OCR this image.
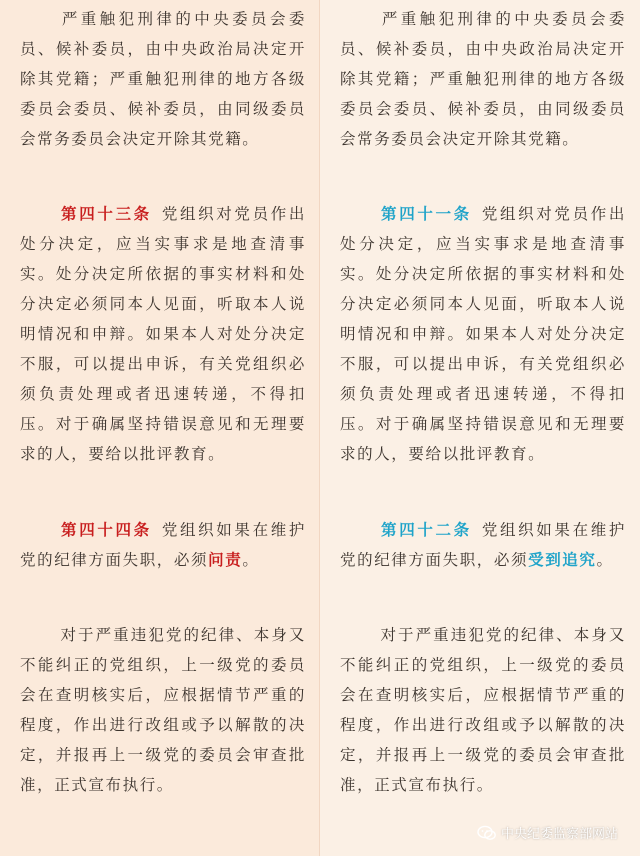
严重触犯刑律的中央委员会委员、候补委员，由中央政治局决定开除其党籍；严重触犯刑律的地方各级委员会委员、候补委员，由同级委员会常务委员会决定开除其党籍。

第四十三条 党组织对党员作出处分决定，应当实事求是地查清事实。处分决定所依据的事实材料和处分决定必须同本人见面，听取本人说明情况和申辩。如果本人对处分决定不服，可以提出申诉，有关党组织必须负责处理或者迅速转递，不得扣压。对于确属坚持错误意见和无理要求的人，要给以批评教育。

第四十四条 党组织如果在维护党的纪律方面失职，必须问责。

对于严重违犯党的纪律、本身又不能纠正的党组织，上一级党的委员会在查明核实后，应根据情节严重的程度，作出进行改组或予以解散的决定，并报再上一级党的委员会审查批准，正式宣布执行。

严重触犯刑律的中央委员会委员、候补委员，由中央政治局决定开除其党籍；严重触犯刑律的地方各级委员会委员、候补委员，由同级委员会常务委员会决定开除其党籍。

第四十一条 党组织对党员作出处分决定，应当实事求是地查清事实。处分决定所依据的事实材料和处分决定必须同本人见面，听取本人说明情况和申辩。如果本人对处分决定不服，可以提出申诉，有关党组织必须负责处理或者迅速转递，不得扣压。对于确属坚持错误意见和无理要求的人，要给以批评教育。

第四十二条 党组织如果在维护党的纪律方面失职，必须受到追究。

对于严重违犯党的纪律、本身又不能纠正的党组织，上一级党的委员会在查明核实后，应根据情节严重的程度，作出进行改组或予以解散的决定，并报再上一级党的委员会审查批准，正式宣布执行。

中央纪委监察部网站
